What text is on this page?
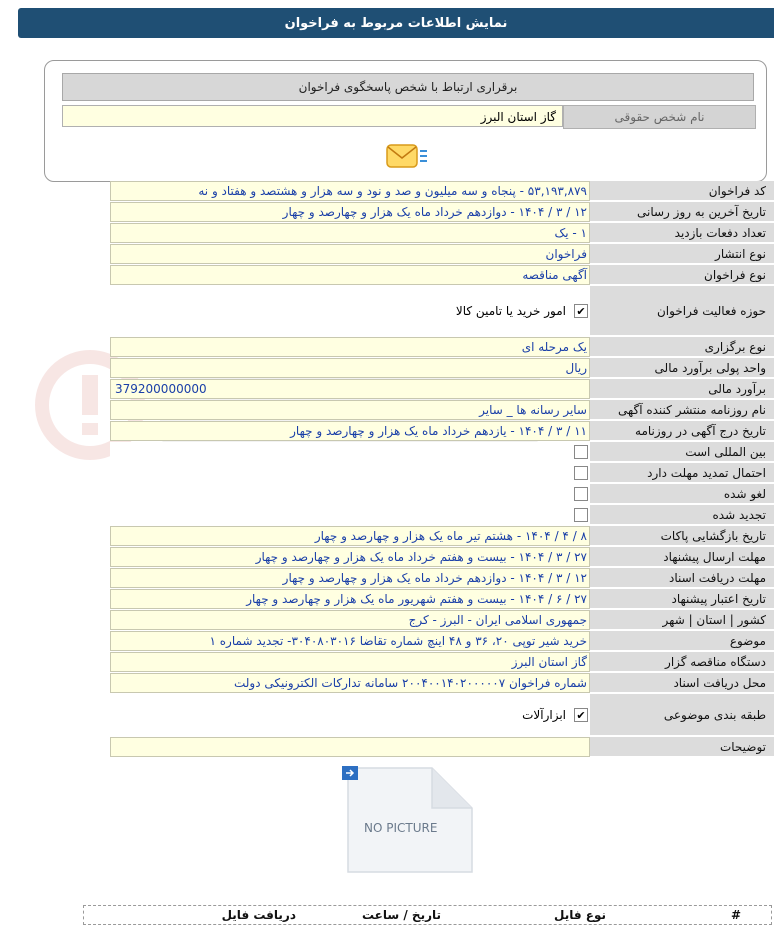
نمایش اطلاعات مربوط به فراخوان
برقراری ارتباط با شخص پاسخگوی فراخوان
نام شخص حقوقی
گاز استان البرز
کد فراخوان
۵۳,۱۹۳,۸۷۹ - پنجاه و سه میلیون و صد و نود و سه هزار و هشتصد و هفتاد و نه
تاریخ آخرین به روز رسانی
۱۲ / ۳ / ۱۴۰۴ - دوازدهم خرداد ماه یک هزار و چهارصد و چهار
تعداد دفعات بازدید
۱ - یک
نوع انتشار
فراخوان
نوع فراخوان
آگهی مناقصه
حوزه فعالیت فراخوان
✔
امور خرید یا تامین کالا
نوع برگزاری
یک مرحله ای
واحد پولی برآورد مالی
ریال
برآورد مالی
379200000000
نام روزنامه منتشر کننده آگهی
سایر رسانه ها _ سایر
تاریخ درج آگهی در روزنامه
۱۱ / ۳ / ۱۴۰۴ - یازدهم خرداد ماه یک هزار و چهارصد و چهار
بین المللی است
احتمال تمدید مهلت دارد
لغو شده
تجدید شده
تاریخ بازگشایی پاکات
۸ / ۴ / ۱۴۰۴ - هشتم تیر ماه یک هزار و چهارصد و چهار
مهلت ارسال پیشنهاد
۲۷ / ۳ / ۱۴۰۴ - بیست و هفتم خرداد ماه یک هزار و چهارصد و چهار
مهلت دریافت اسناد
۱۲ / ۳ / ۱۴۰۴ - دوازدهم خرداد ماه یک هزار و چهارصد و چهار
تاریخ اعتبار پیشنهاد
۲۷ / ۶ / ۱۴۰۴ - بیست و هفتم شهریور ماه یک هزار و چهارصد و چهار
کشور | استان | شهر
جمهوری اسلامی ایران - البرز - کرج
موضوع
خرید شیر توپی ۲۰، ۳۶ و ۴۸ اینچ شماره تقاضا ۳۰۴۰۸۰۳۰۱۶- تجدید شماره ۱
دستگاه مناقصه گزار
گاز استان البرز
محل دریافت اسناد
شماره فراخوان ۲۰۰۴۰۰۱۴۰۲۰۰۰۰۰۷ سامانه تدارکات الکترونیکی دولت
طبقه بندی موضوعی
✔
ابزارآلات
توضیحات
NO PICTURE
#
نوع فایل
تاریخ / ساعت
دریافت فایل
